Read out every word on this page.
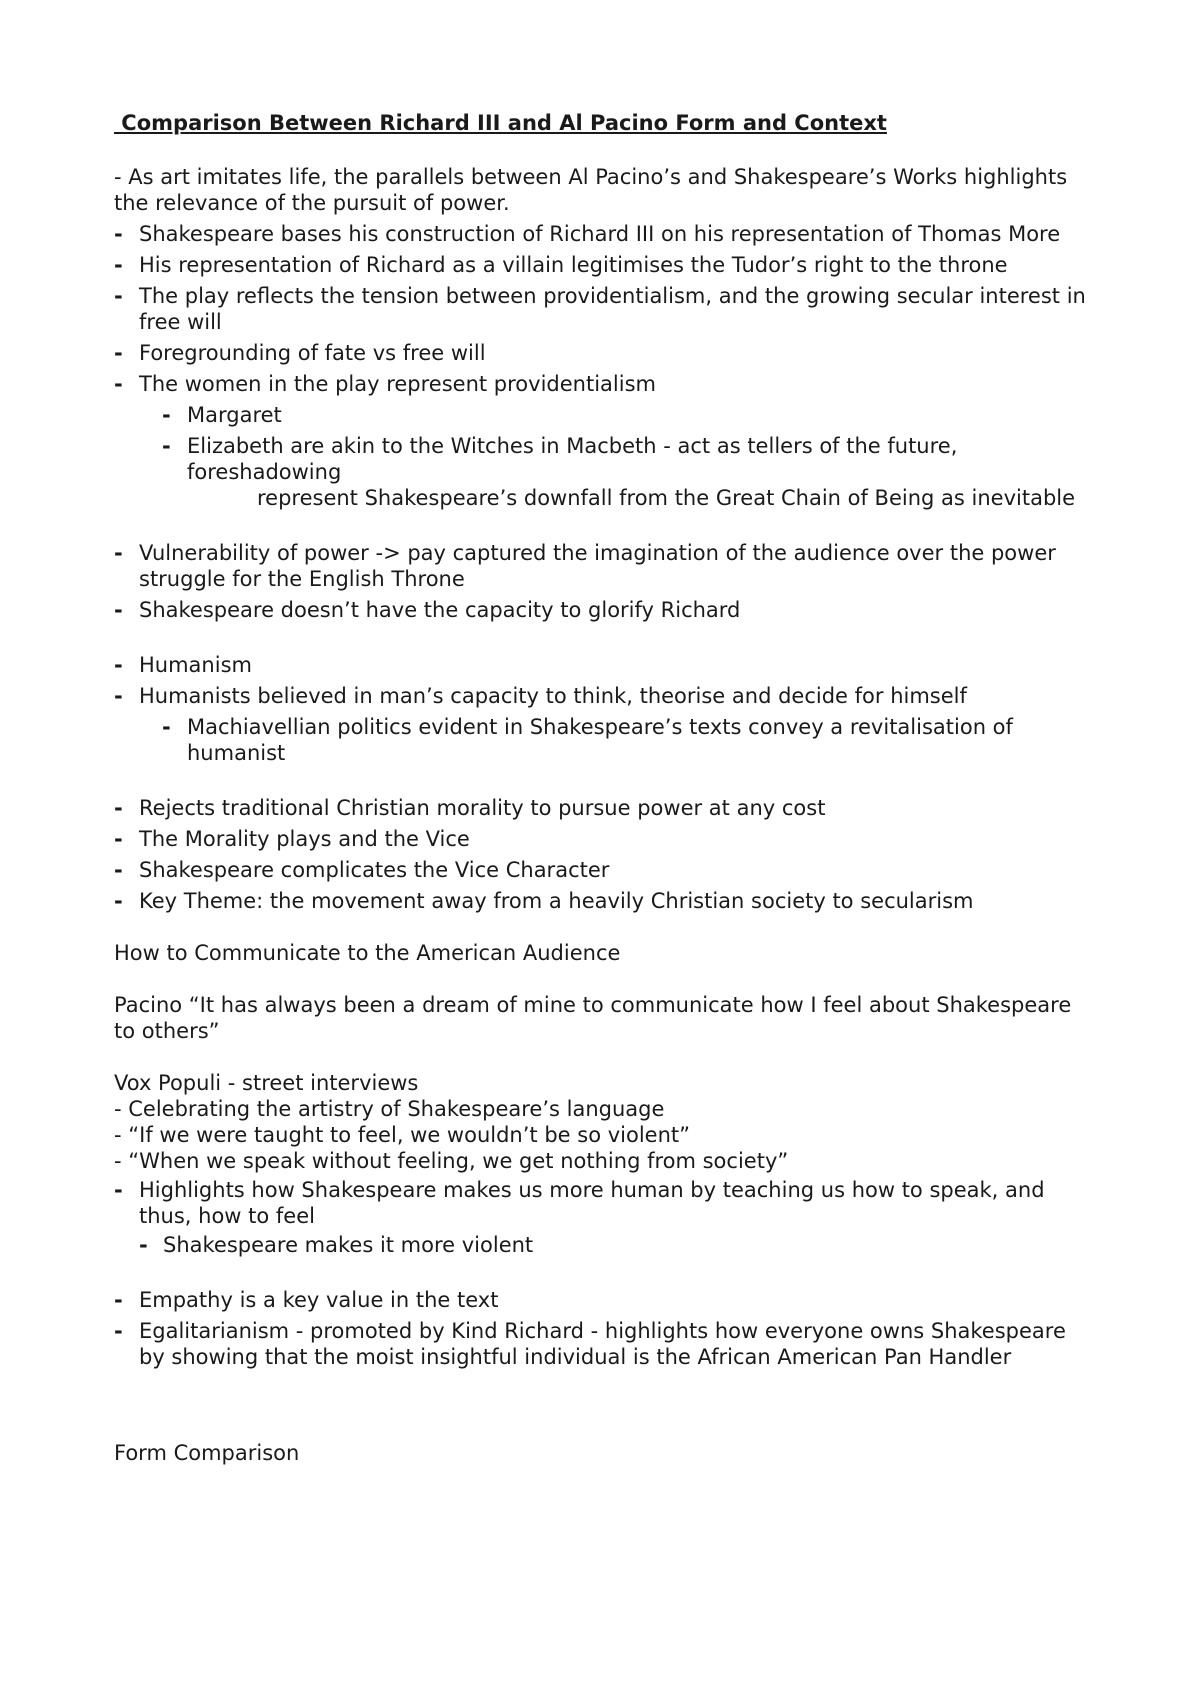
Comparison Between Richard III and Al Pacino Form and Context

- As art imitates life, the parallels between Al Pacino’s and Shakespeare’s Works highlights the relevance of the pursuit of power.

- Shakespeare bases his construction of Richard III on his representation of Thomas More
- His representation of Richard as a villain legitimises the Tudor’s right to the throne
- The play reflects the tension between providentialism, and the growing secular interest in free will
- Foregrounding of fate vs free will
- The women in the play represent providentialism
- Margaret
- Elizabeth are akin to the Witches in Macbeth - act as tellers of the future, foreshadowing

represent Shakespeare’s downfall from the Great Chain of Being as inevitable

- Vulnerability of power -> pay captured the imagination of the audience over the power struggle for the English Throne
- Shakespeare doesn’t have the capacity to glorify Richard
- Humanism
- Humanists believed in man’s capacity to think, theorise and decide for himself
- Machiavellian politics evident in Shakespeare’s texts convey a revitalisation of humanist
- Rejects traditional Christian morality to pursue power at any cost
- The Morality plays and the Vice
- Shakespeare complicates the Vice Character
- Key Theme: the movement away from a heavily Christian society to secularism

How to Communicate to the American Audience

Pacino “It has always been a dream of mine to communicate how I feel about Shakespeare to others”

Vox Populi - street interviews

- Celebrating the artistry of Shakespeare’s language

- “If we were taught to feel, we wouldn’t be so violent”

- “When we speak without feeling, we get nothing from society”

- Highlights how Shakespeare makes us more human by teaching us how to speak, and thus, how to feel
- Shakespeare makes it more violent
- Empathy is a key value in the text
- Egalitarianism - promoted by Kind Richard - highlights how everyone owns Shakespeare by showing that the moist insightful individual is the African American Pan Handler

Form Comparison
